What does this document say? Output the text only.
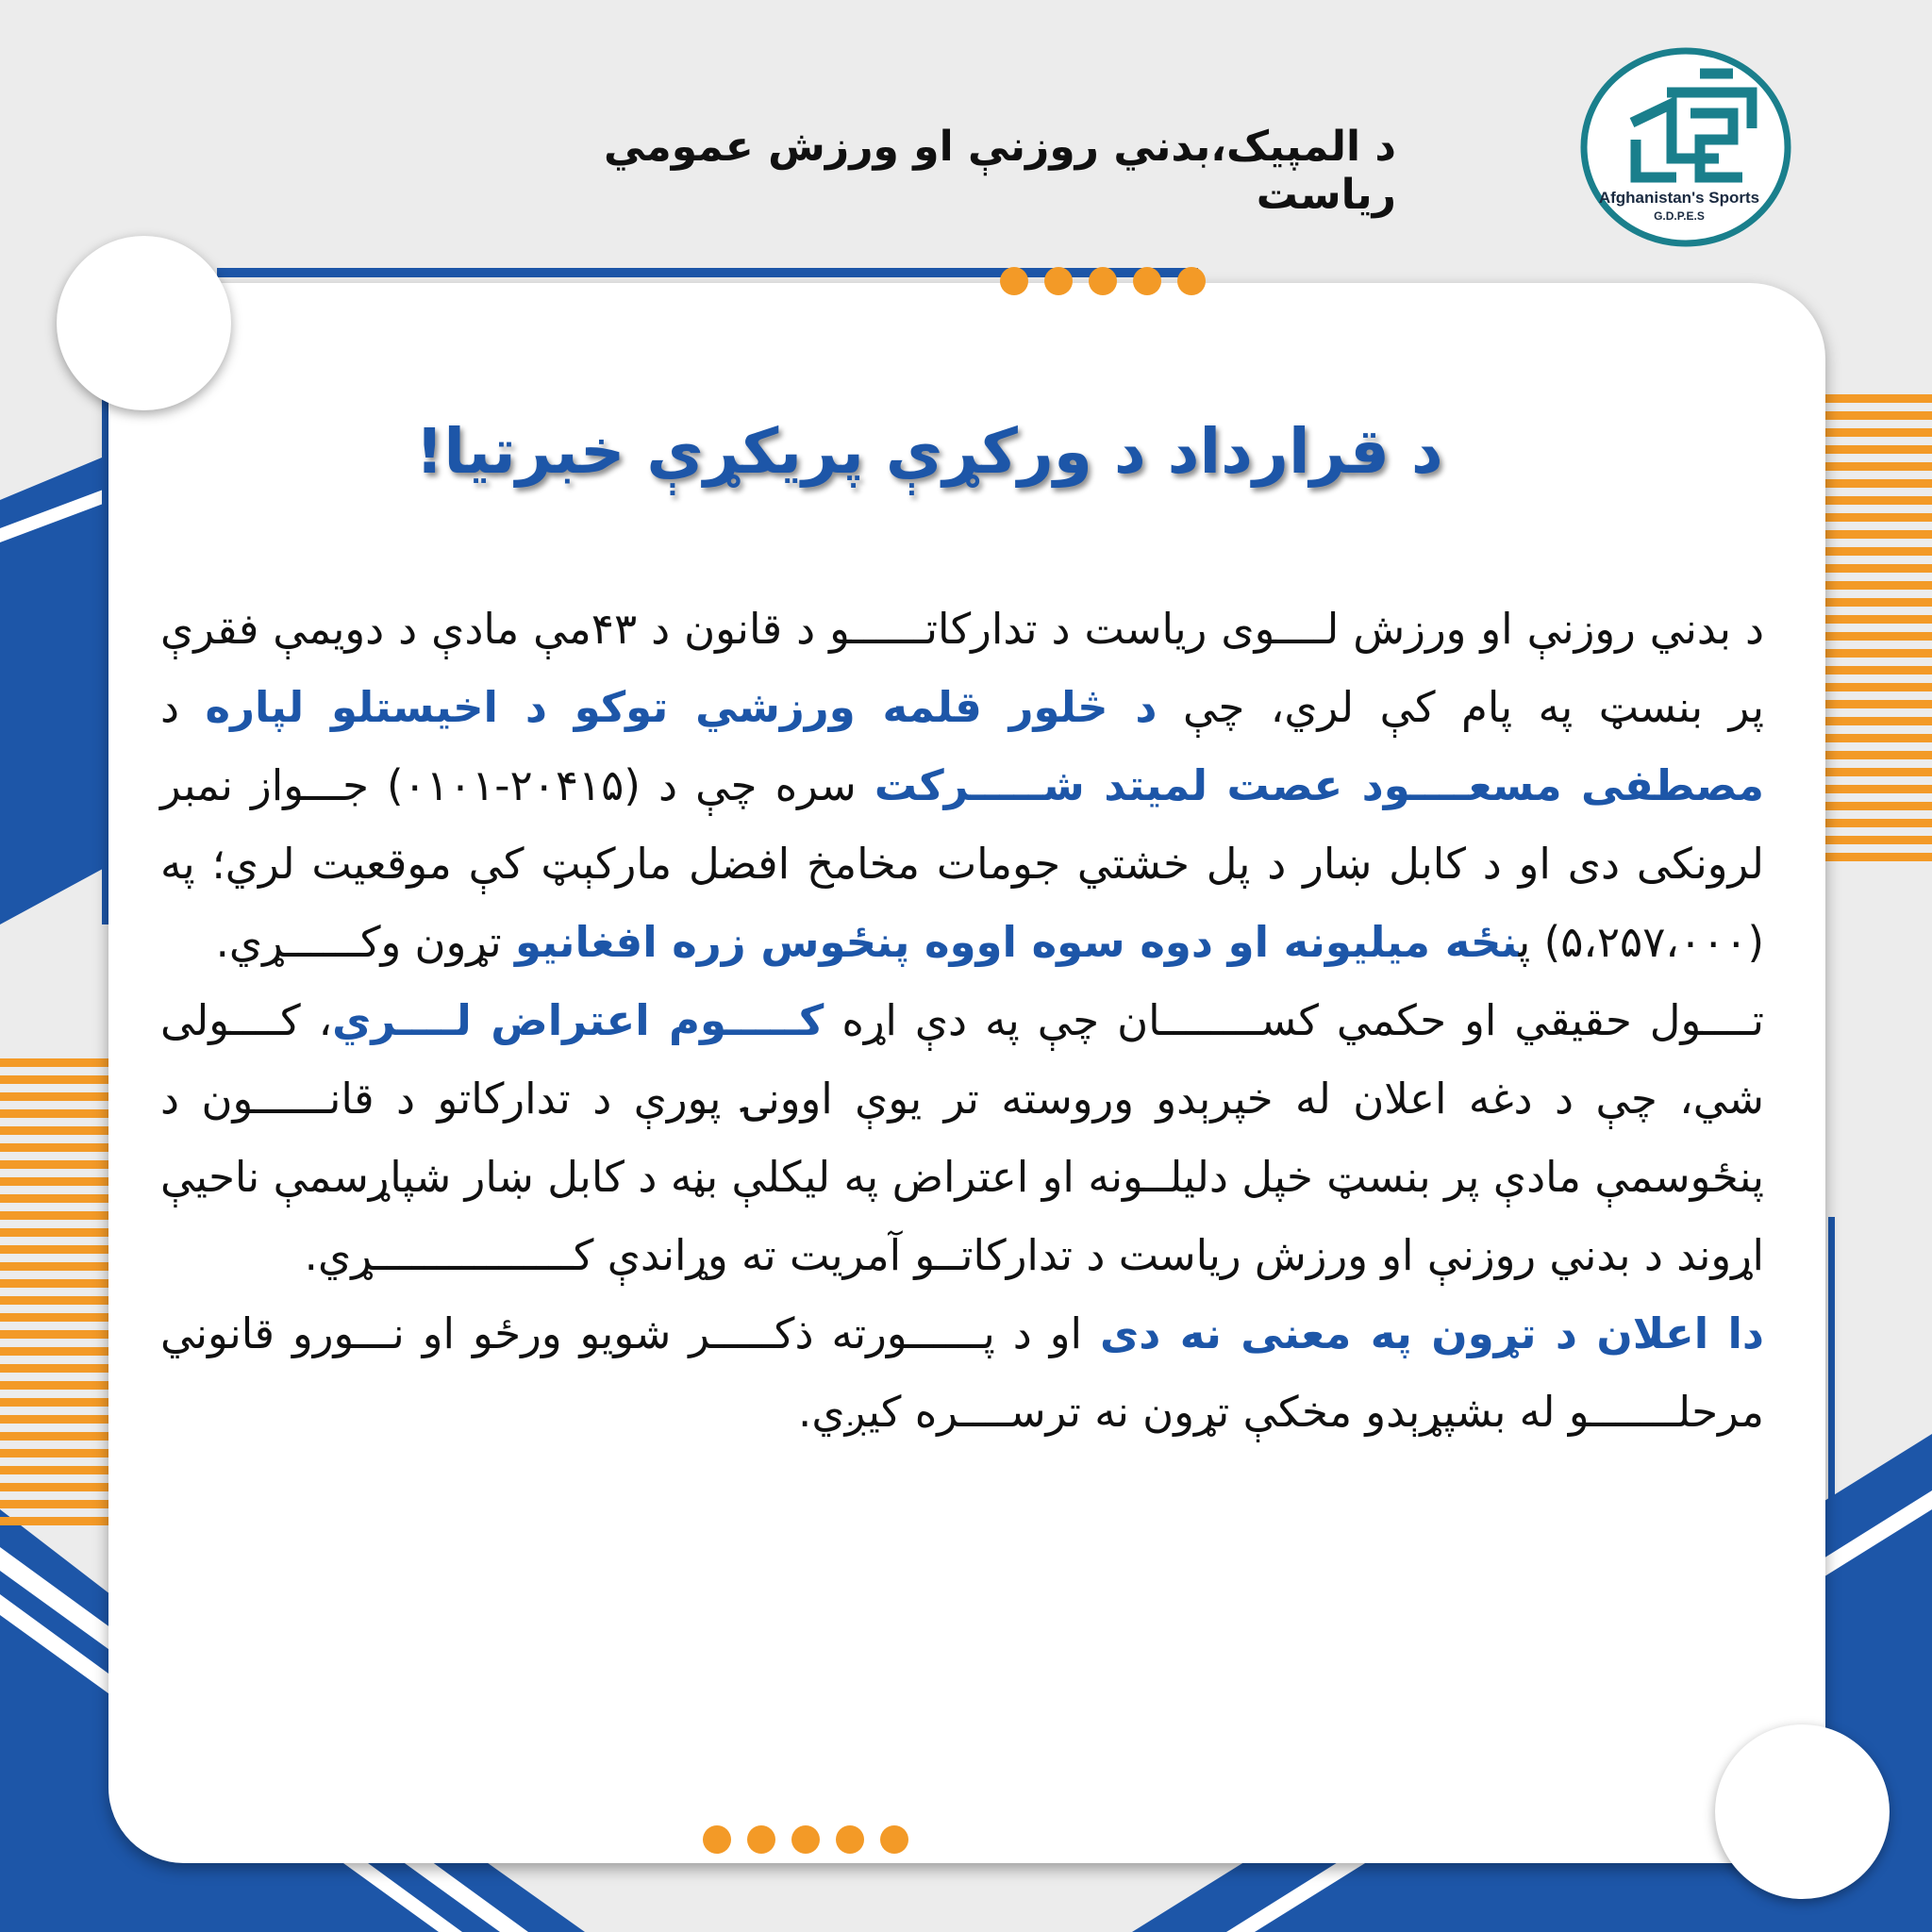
د المپیک،بدني روزنې او ورزش عمومي ریاست	Afghanistan's Sports
G.D.P.E.S
د قرارداد د ورکړې پریکړې خبرتیا!

د بدني روزنې او ورزش لــــوی ریاست د تدارکاتــــــو د قانون د ۴۳مې مادې د دویمې فقرې پر بنسټ په پام کې لري، چې د څلور قلمه ورزشي توکو د اخیستلو لپاره د مصطفی مسعــــود عصت لمیتد شـــــرکت سره چې د (۲۰۴۱۵-۰۱۰۱) جـــواز نمبر لرونکی دی او د کابل ښار د پل خشتي جومات مخامخ افضل مارکېټ کې موقعیت لري؛ په (۵،۲۵۷،۰۰۰) پنځه میلیونه او دوه سوه اووه پنځوس زره افغانیو تړون وکــــــړي.

تــــول حقیقي او حکمي کســــــــان چې په دې اړه کـــــوم اعتراض لــــري، کــــولی شي، چې د دغه اعلان له خپرېدو وروسته تر یوې اوونۍ پورې د تدارکاتو د قانــــــون د پنځوسمې مادې پر بنسټ خپل دلیلــونه او اعتراض په لیکلې بڼه د کابل ښار شپاړسمې ناحیې اړوند د بدني روزنې او ورزش ریاست د تدارکاتــو آمریت ته وړاندې کــــــــــــــــړي.

دا اعلان د تړون په معنی نه دی او د پــــــورته ذکـــــر شویو ورځو او نـــورو قانوني مرحلـــــــو له بشپړېدو مخکې تړون نه ترســــره کیږي.
